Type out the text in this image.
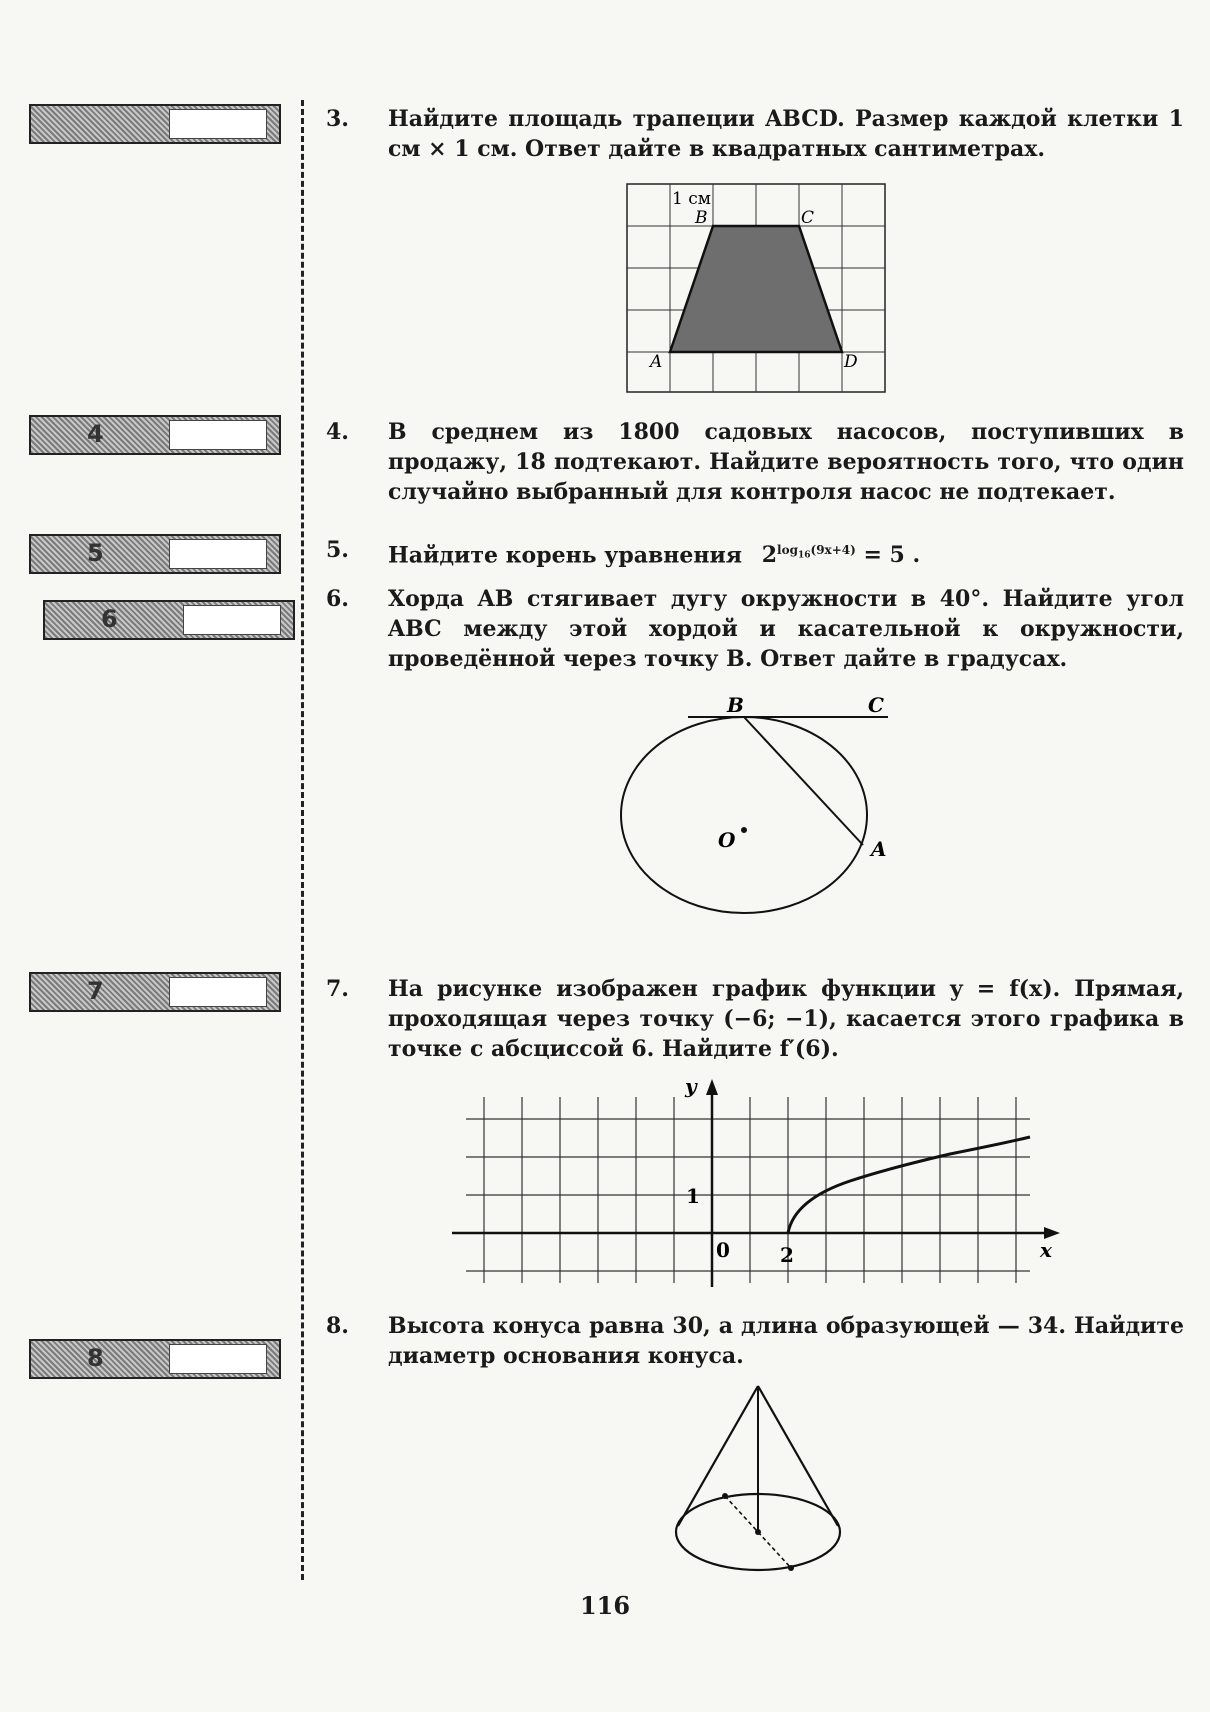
4
5
6
7
8
3. Найдите площадь трапеции ABCD. Размер каждой клетки 1 см × 1 см. Ответ дайте в квадратных сантиметрах.
1 см
B	C
A	D
4. В среднем из 1800 садовых насосов, поступивших в продажу, 18 подтекают. Найдите вероятность того, что один случайно выбранный для контроля насос не подтекает.
5. Найдите корень уравнения $2^{log_{16}(9x+4)} = 5$ .
6. Хорда AB стягивает дугу окружности в 40°. Найдите угол ABC между этой хордой и касательной к окружности, проведённой через точку B. Ответ дайте в градусах.
B	C
O	A
7. На рисунке изображен график функции y = f(x). Прямая, проходящая через точку (−6; −1), касается этого графика в точке с абсциссой 6. Найдите f′(6).
y
x
0	2
1
8. Высота конуса равна 30, а длина образующей — 34. Найдите диаметр основания конуса.
116
